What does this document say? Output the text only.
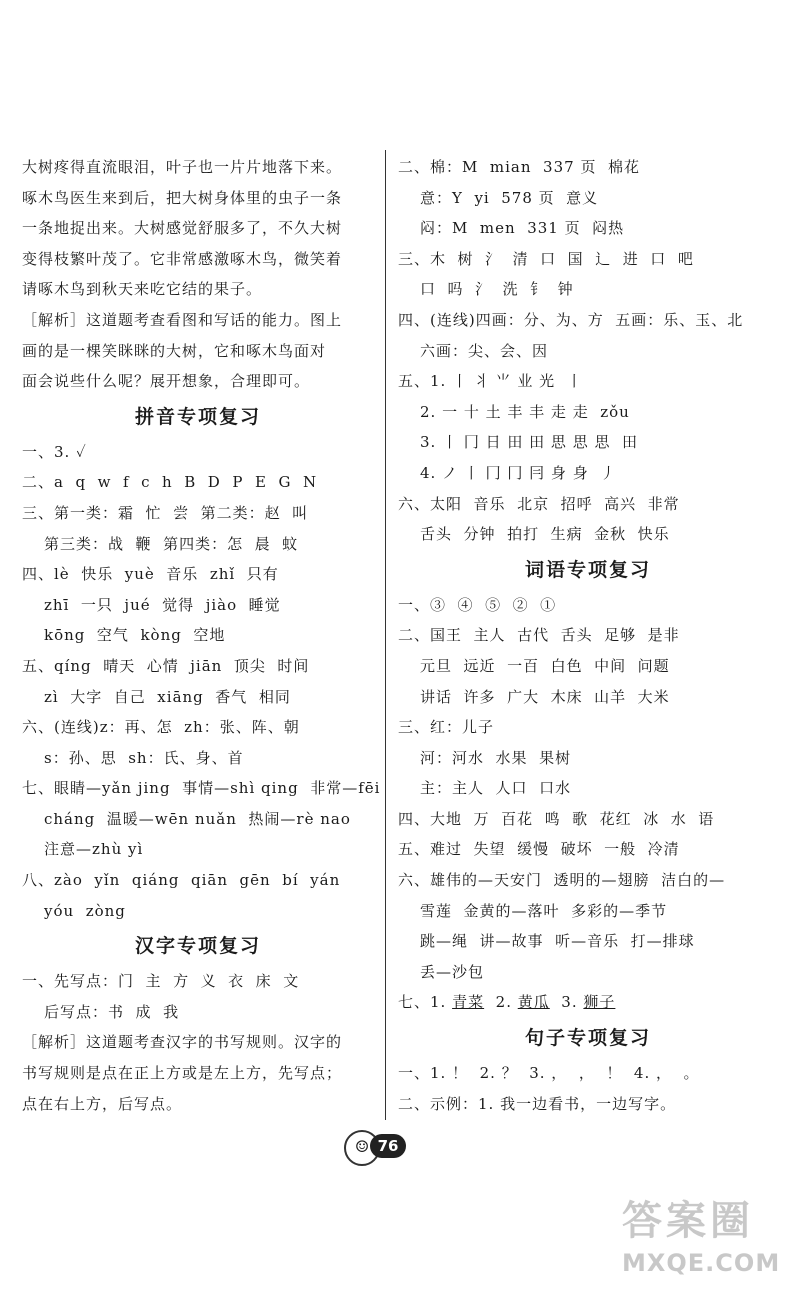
大树疼得直流眼泪，叶子也一片片地落下来。
啄木鸟医生来到后，把大树身体里的虫子一条
一条地捉出来。大树感觉舒服多了，不久大树
变得枝繁叶茂了。它非常感激啄木鸟，微笑着
请啄木鸟到秋天来吃它结的果子。
［解析］这道题考查看图和写话的能力。图上
画的是一棵笑眯眯的大树，它和啄木鸟面对
面会说些什么呢？展开想象，合理即可。
拼音专项复习
一、3. ✓
二、a  q  w  f  c  h  B  D  P  E  G  N
三、第一类：霜  忙  尝  第二类：赵  叫
第三类：战  鞭  第四类：怎  晨  蚊
四、lè  快乐  yuè  音乐  zhǐ  只有
zhī  一只  jué  觉得  jiào  睡觉
kōng  空气  kòng  空地
五、qíng  晴天  心情  jiān  顶尖  时间
zì  大字  自己  xiāng  香气  相同
六、(连线)z：再、怎  zh：张、阵、朝
s：孙、思  sh：氏、身、首
七、眼睛—yǎn jing  事情—shì qing  非常—fēi
cháng  温暖—wēn nuǎn  热闹—rè nao
注意—zhù yì
八、zào  yǐn  qiáng  qiān  gēn  bí  yán
yóu  zòng
汉字专项复习
一、先写点：门  主  方  义  衣  床  文
后写点：书  成  我
［解析］这道题考查汉字的书写规则。汉字的
书写规则是点在正上方或是左上方，先写点；
点在右上方，后写点。
二、棉：M  mian  337 页  棉花
意：Y  yi  578 页  意义
闷：M  men  331 页  闷热
三、木  树  氵  清  口  国  辶  进  口  吧
口  吗  氵  洗  钅  钟
四、(连线)四画：分、为、方  五画：乐、玉、北
六画：尖、会、因
五、1. 丨 丬 ⺌ 业 光  丨
2. 一 十 土 丰 丰 走 走  zǒu
3. 丨 冂 日 田 田 思 思 思  田
4. ノ 丨 冂 冂 冃 身 身  丿
六、太阳  音乐  北京  招呼  高兴  非常
舌头  分钟  拍打  生病  金秋  快乐
词语专项复习
一、③  ④  ⑤  ②  ①
二、国王  主人  古代  舌头  足够  是非
元旦  远近  一百  白色  中间  问题
讲话  许多  广大  木床  山羊  大米
三、红：儿子
河：河水  水果  果树
主：主人  人口  口水
四、大地  万  百花  鸣  歌  花红  冰  水  语
五、难过  失望  缓慢  破坏  一般  冷清
六、雄伟的—天安门  透明的—翅膀  洁白的—
雪莲  金黄的—落叶  多彩的—季节
跳—绳  讲—故事  听—音乐  打—排球
丢—沙包
七、1. 青菜  2. 黄瓜  3. 狮子
句子专项复习
一、1. ！  2. ？  3. ，  ，  ！  4. ，  。
二、示例：1. 我一边看书，一边写字。
☺ 76
答案圈
MXQE.COM
